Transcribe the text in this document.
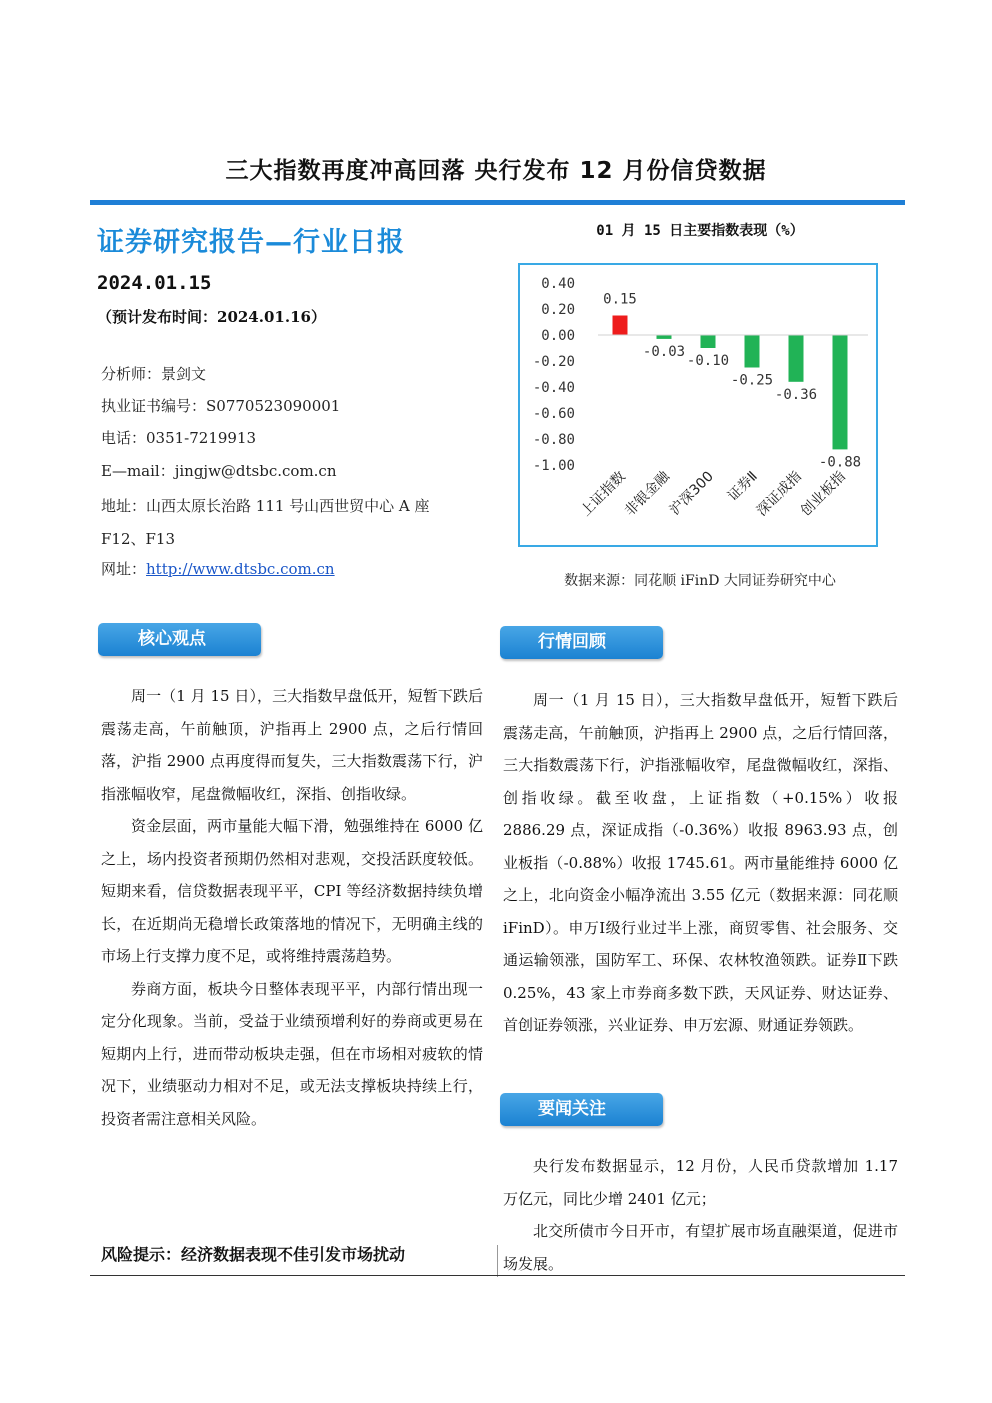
三大指数再度冲高回落 央行发布 12 月份信贷数据
证券研究报告—行业日报
2024.01.15
（预计发布时间：2024.01.16）
分析师：景剑文
执业证书编号：S0770523090001
电话：0351-7219913
E—mail：jingjw@dtsbc.com.cn
地址：山西太原长治路 111 号山西世贸中心 A 座
F12、F13
网址：http://www.dtsbc.com.cn
01 月 15 日主要指数表现（%）
0.40
0.20
0.00
-0.20
-0.40
-0.60
-0.80
-1.00
0.15
上证指数
-0.03
非银金融
-0.10
沪深300
-0.25
证券Ⅱ
-0.36
深证成指
-0.88
创业板指
数据来源：同花顺 iFinD 大同证券研究中心
核心观点

周一（1 月 15 日），三大指数早盘低开，短暂下跌后震荡走高，午前触顶，沪指再上 2900 点，之后行情回落，沪指 2900 点再度得而复失，三大指数震荡下行，沪指涨幅收窄，尾盘微幅收红，深指、创指收绿。

资金层面，两市量能大幅下滑，勉强维持在 6000 亿之上，场内投资者预期仍然相对悲观，交投活跃度较低。短期来看，信贷数据表现平平，CPI 等经济数据持续负增长，在近期尚无稳增长政策落地的情况下，无明确主线的市场上行支撑力度不足，或将维持震荡趋势。

券商方面，板块今日整体表现平平，内部行情出现一定分化现象。当前，受益于业绩预增利好的券商或更易在短期内上行，进而带动板块走强，但在市场相对疲软的情况下，业绩驱动力相对不足，或无法支撑板块持续上行，投资者需注意相关风险。

风险提示：经济数据表现不佳引发市场扰动
行情回顾

周一（1 月 15 日），三大指数早盘低开，短暂下跌后震荡走高，午前触顶，沪指再上 2900 点，之后行情回落，三大指数震荡下行，沪指涨幅收窄，尾盘微幅收红，深指、创指收绿。截至收盘，上证指数（+0.15%）收报 2886.29 点，深证成指（-0.36%）收报 8963.93 点，创业板指（-0.88%）收报 1745.61。两市量能维持 6000 亿之上，北向资金小幅净流出 3.55 亿元（数据来源：同花顺 iFinD）。申万Ⅰ级行业过半上涨，商贸零售、社会服务、交通运输领涨，国防军工、环保、农林牧渔领跌。证券Ⅱ下跌 0.25%，43 家上市券商多数下跌，天风证券、财达证券、首创证券领涨，兴业证券、申万宏源、财通证券领跌。

要闻关注

央行发布数据显示，12 月份，人民币贷款增加 1.17 万亿元，同比少增 2401 亿元；

北交所债市今日开市，有望扩展市场直融渠道，促进市场发展。
